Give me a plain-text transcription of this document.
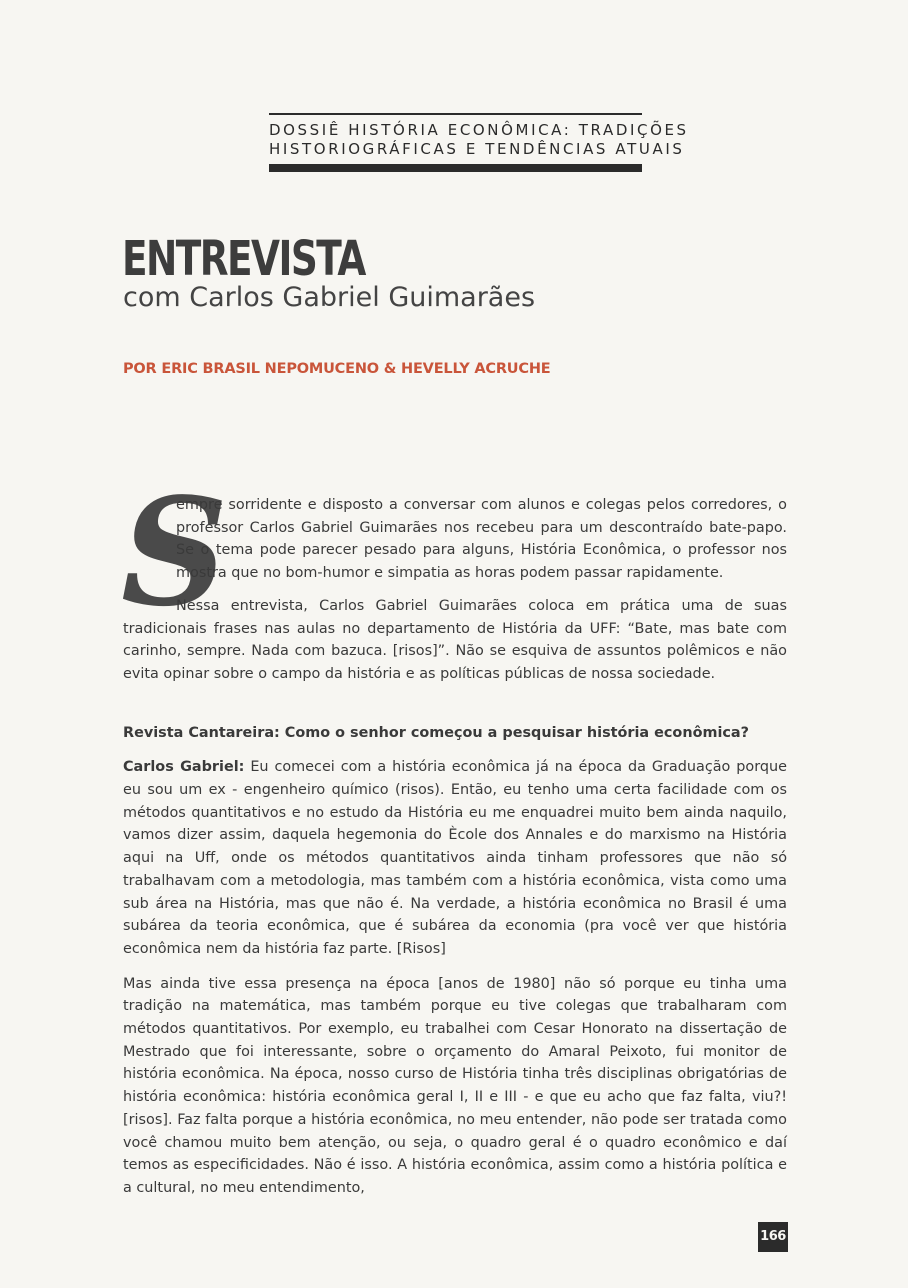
DOSSIÊ HISTÓRIA ECONÔMICA: TRADIÇÕES
HISTORIOGRÁFICAS E TENDÊNCIAS ATUAIS
ENTREVISTA
com Carlos Gabriel Guimarães
POR ERIC BRASIL NEPOMUCENO & HEVELLY ACRUCHE

S
empre sorridente e disposto a conversar com alunos e colegas pelos corredores, o professor Carlos Gabriel Guimarães nos recebeu para um descontraído bate-papo. Se o tema pode parecer pesado para alguns, História Econômica, o professor nos mostra que no bom-humor e simpatia as horas podem passar rapidamente.

Nessa entrevista, Carlos Gabriel Guimarães coloca em prática uma de suas tradicionais frases nas aulas no departamento de História da UFF: “Bate, mas bate com carinho, sempre. Nada com bazuca. [risos]”. Não se esquiva de assuntos polêmicos e não evita opinar sobre o campo da história e as políticas públicas de nossa sociedade.

Revista Cantareira: Como o senhor começou a pesquisar história econômica?

Carlos Gabriel: Eu comecei com a história econômica já na época da Graduação porque eu sou um ex - engenheiro químico (risos). Então, eu tenho uma certa facilidade com os métodos quantitativos e no estudo da História eu me enquadrei muito bem ainda naquilo, vamos dizer assim, daquela hegemonia do Ècole dos Annales e do marxismo na História aqui na Uff, onde os métodos quantitativos ainda tinham professores que não só trabalhavam com a metodologia, mas também com a história econômica, vista como uma sub área na História, mas que não é. Na verdade, a história econômica no Brasil é uma subárea da teoria econômica, que é subárea da economia (pra você ver que história econômica nem da história faz parte. [Risos]

Mas ainda tive essa presença na época [anos de 1980] não só porque eu tinha uma tradição na matemática, mas também porque eu tive colegas que trabalharam com métodos quantitativos. Por exemplo, eu trabalhei com Cesar Honorato na dissertação de Mestrado que foi interessante, sobre o orçamento do Amaral Peixoto, fui monitor de história econômica. Na época, nosso curso de História tinha três disciplinas obrigatórias de história econômica: história econômica geral I, II e III - e que eu acho que faz falta, viu?! [risos]. Faz falta porque a história econômica, no meu entender, não pode ser tratada como você chamou muito bem atenção, ou seja, o quadro geral é o quadro econômico e daí temos as especificidades. Não é isso. A história econômica, assim como a história política e a cultural, no meu entendimento,

166
